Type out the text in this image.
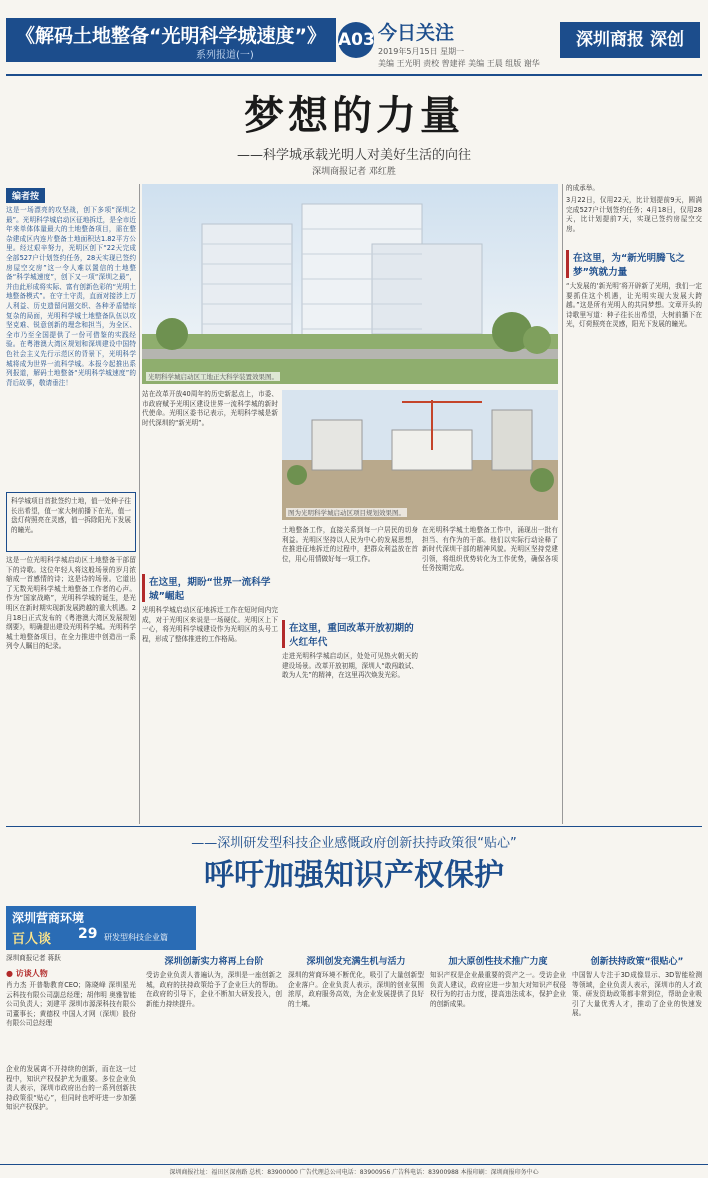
《解码土地整备“光明科学城速度”》
系列报道(一)
A03 今日关注
2019年5月15日 星期一
美编 王光明 责校 曾建祥 美编 王晨 组版 谢华
深圳商报 深创
梦想的力量
——科学城承载光明人对美好生活的向往
深圳商报记者 邓红胜
编者按
这是一场漂亮的攻坚战，创下多项“深圳之最”。光明科学城启动区征地拆迁，是全市近年来单体体量最大的土地整备项目，需在整杂建成区内连片整备土地面积达1.82平方公里。经过艰辛努力，光明区创下“22天完成全部527户计划签约任务，28天实现已签约房屋空交房”这一令人难以置信的土地整备“科学城速度”，创下又一项“深圳之最”，并由此形成将实际、富有创新色彩的“光明土地整备模式”。在守土守责，直面对接涉上万人利益、历史遗留问题交织、各种矛盾错综复杂的局面，光明科学城土地整备队伍以攻坚克难、锐意创新的理念和担当，为全区、全市乃至全国提供了一份可借鉴的实践经验。在粤港澳大湾区规划和深圳建设中国特色社会主义先行示范区的背景下，光明科学城将成为世界一流科学城。本报今起推出系列报道，解码土地整备“光明科学城速度”的背后故事，敬请垂注！
科学城项目首批签约土地，值一处种子往长出希望，值一家大树前播下在光，值一盘灯荷照亮在灵感，值一拆除阳光下发展的瞳光。
这是一位光明科学城启动区土地整备干部留下的诗歌。这位年轻人将这般场景的岁月浓缩成一首感情的诗；这是诗的场景。它道出了无数光明科学城土地整备工作者的心声。作为“国家战略”，光明科学城的诞生，是光明区在新时期实现新发展跨越的重大机遇。2月18日正式发布的《粤港澳大湾区发展规划纲要》，明确提出建设光明科学城。光明科学城土地整备项目，在全力推进中创造出一系列令人瞩目的纪录。
光明科学城启动区工地正大科学装置效果图。
的成承举。
3月22日，仅用22天，比计划提前9天，圆满完成527户计划签约任务；4月18日，仅用28天，比计划提前7天，实现已签约房屋空交房。
在这里，为“新光明腾飞之梦”筑就力量
“大发展的‘新光明’将开辟新了光明，我们一定要抓住这个机遇，让光明实现大发展大跨越。”这是所有光明人的共同梦想。文章开头的诗歌里写道：种子往长出希望，大树前播下在光，灯荷照亮在灵感，阳光下发展的瞳光。
站在改革开放40周年的历史新起点上，市委、市政府赋予光明区建设世界一流科学城的新时代使命。光明区委书记表示，光明科学城是新时代深圳的“新光明”。
在这里，期盼“世界一流科学城”崛起
光明科学城启动区征地拆迁工作在短时间内完成，对于光明区来说是一场硬仗。光明区上下一心，将光明科学城建设作为光明区的头号工程，形成了整体推进的工作格局。
图为光明科学城启动区项目规划效果图。
土地整备工作，直接关系到每一户居民的切身利益。光明区坚持以人民为中心的发展思想，在推进征地拆迁的过程中，把群众利益放在首位，用心用情做好每一项工作。
在这里，重回改革开放初期的火红年代
走进光明科学城启动区，处处可见热火朝天的建设场景。改革开放初期，深圳人“敢闯敢试、敢为人先”的精神，在这里再次焕发光彩。
在光明科学城土地整备工作中，涌现出一批有担当、有作为的干部。他们以实际行动诠释了新时代深圳干部的精神风貌。光明区坚持党建引领，将组织优势转化为工作优势，确保各项任务按期完成。
——深圳研发型科技企业感慨政府创新扶持政策很“贴心”
呼吁加强知识产权保护
深圳营商环境
百人谈 29 研发型科技企业篇
深圳商报记者 蒋跃
● 访谈人物
肖力杰 开普勒教育CEO；陈晓峰 深圳星光云科技有限公司副总经理；胡伟明 奥雅智能公司负责人；刘建平 深圳市源深科技有限公司董事长；黄德权 中国人才网（深圳）股份有限公司总经理
企业的发展离不开持续的创新，而在这一过程中，知识产权保护尤为重要。多位企业负责人表示，深圳市政府出台的一系列创新扶持政策很“贴心”，但同时也呼吁进一步加强知识产权保护。
深圳创新实力将再上台阶
受访企业负责人普遍认为，深圳是一座创新之城，政府的扶持政策给予了企业巨大的帮助。在政府的引导下，企业不断加大研发投入，创新能力持续提升。
深圳创发充满生机与活力
深圳的营商环境不断优化，吸引了大量创新型企业落户。企业负责人表示，深圳的创业氛围浓厚，政府服务高效，为企业发展提供了良好的土壤。
加大原创性技术推广力度
知识产权是企业最重要的资产之一。受访企业负责人建议，政府应进一步加大对知识产权侵权行为的打击力度，提高违法成本，保护企业的创新成果。
创新扶持政策“很贴心”
中国智人专注于3D成像显示、3D智能检测等领域，企业负责人表示，深圳市的人才政策、研发资助政策都非常到位，帮助企业吸引了大量优秀人才，推动了企业的快速发展。
深圳商报社址：福田区深南路 总机：83900000 广告代理总公司电话：83900956 广告科电话：83900988 本报印刷：深圳商报印务中心
